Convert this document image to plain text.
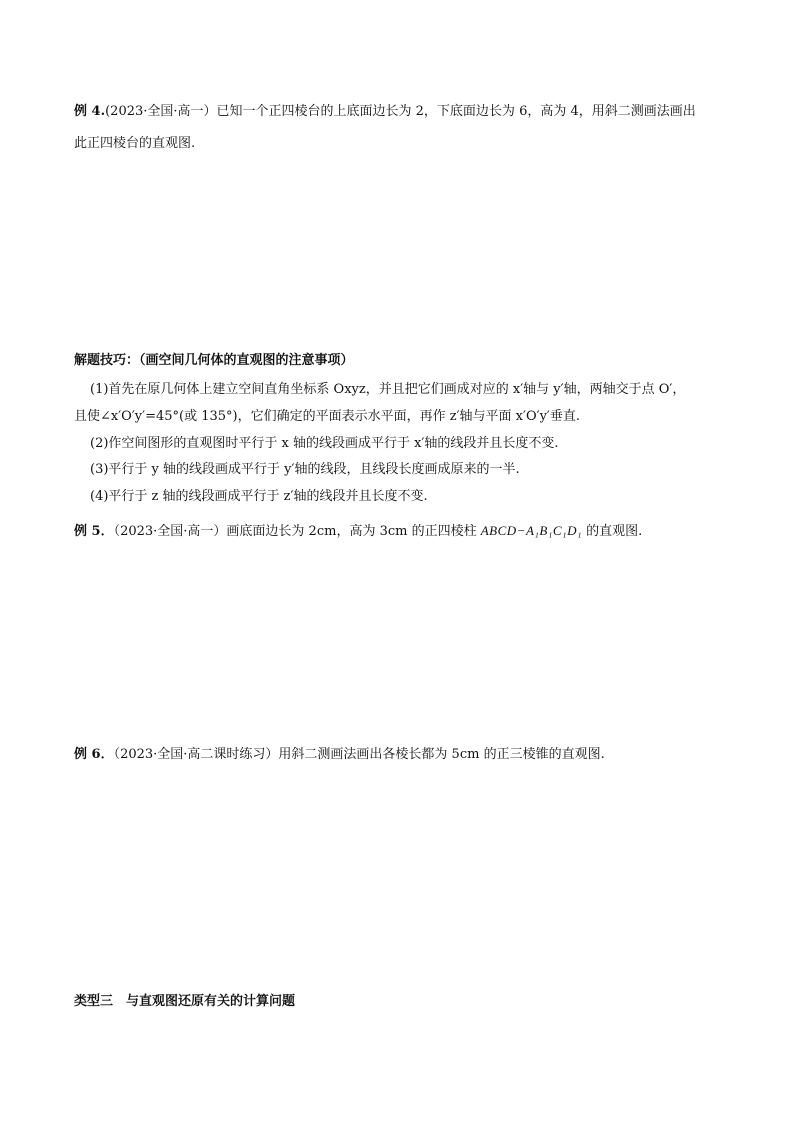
例 4.(2023·全国·高一）已知一个正四棱台的上底面边长为 2，下底面边长为 6，高为 4，用斜二测画法画出
此正四棱台的直观图.
解题技巧：（画空间几何体的直观图的注意事项）
(1)首先在原几何体上建立空间直角坐标系 Oxyz，并且把它们画成对应的 x′轴与 y′轴，两轴交于点 O′，
且使∠x′O′y′=45°(或 135°)，它们确定的平面表示水平面，再作 z′轴与平面 x′O′y′垂直.
(2)作空间图形的直观图时平行于 x 轴的线段画成平行于 x′轴的线段并且长度不变.
(3)平行于 y 轴的线段画成平行于 y′轴的线段，且线段长度画成原来的一半.
(4)平行于 z 轴的线段画成平行于 z′轴的线段并且长度不变.
例 5．（2023·全国·高一）画底面边长为 2cm，高为 3cm 的正四棱柱 ABCD−A₁B₁C₁D₁ 的直观图.
例 6．（2023·全国·高二课时练习）用斜二测画法画出各棱长都为 5cm 的正三棱锥的直观图.
类型三　与直观图还原有关的计算问题
